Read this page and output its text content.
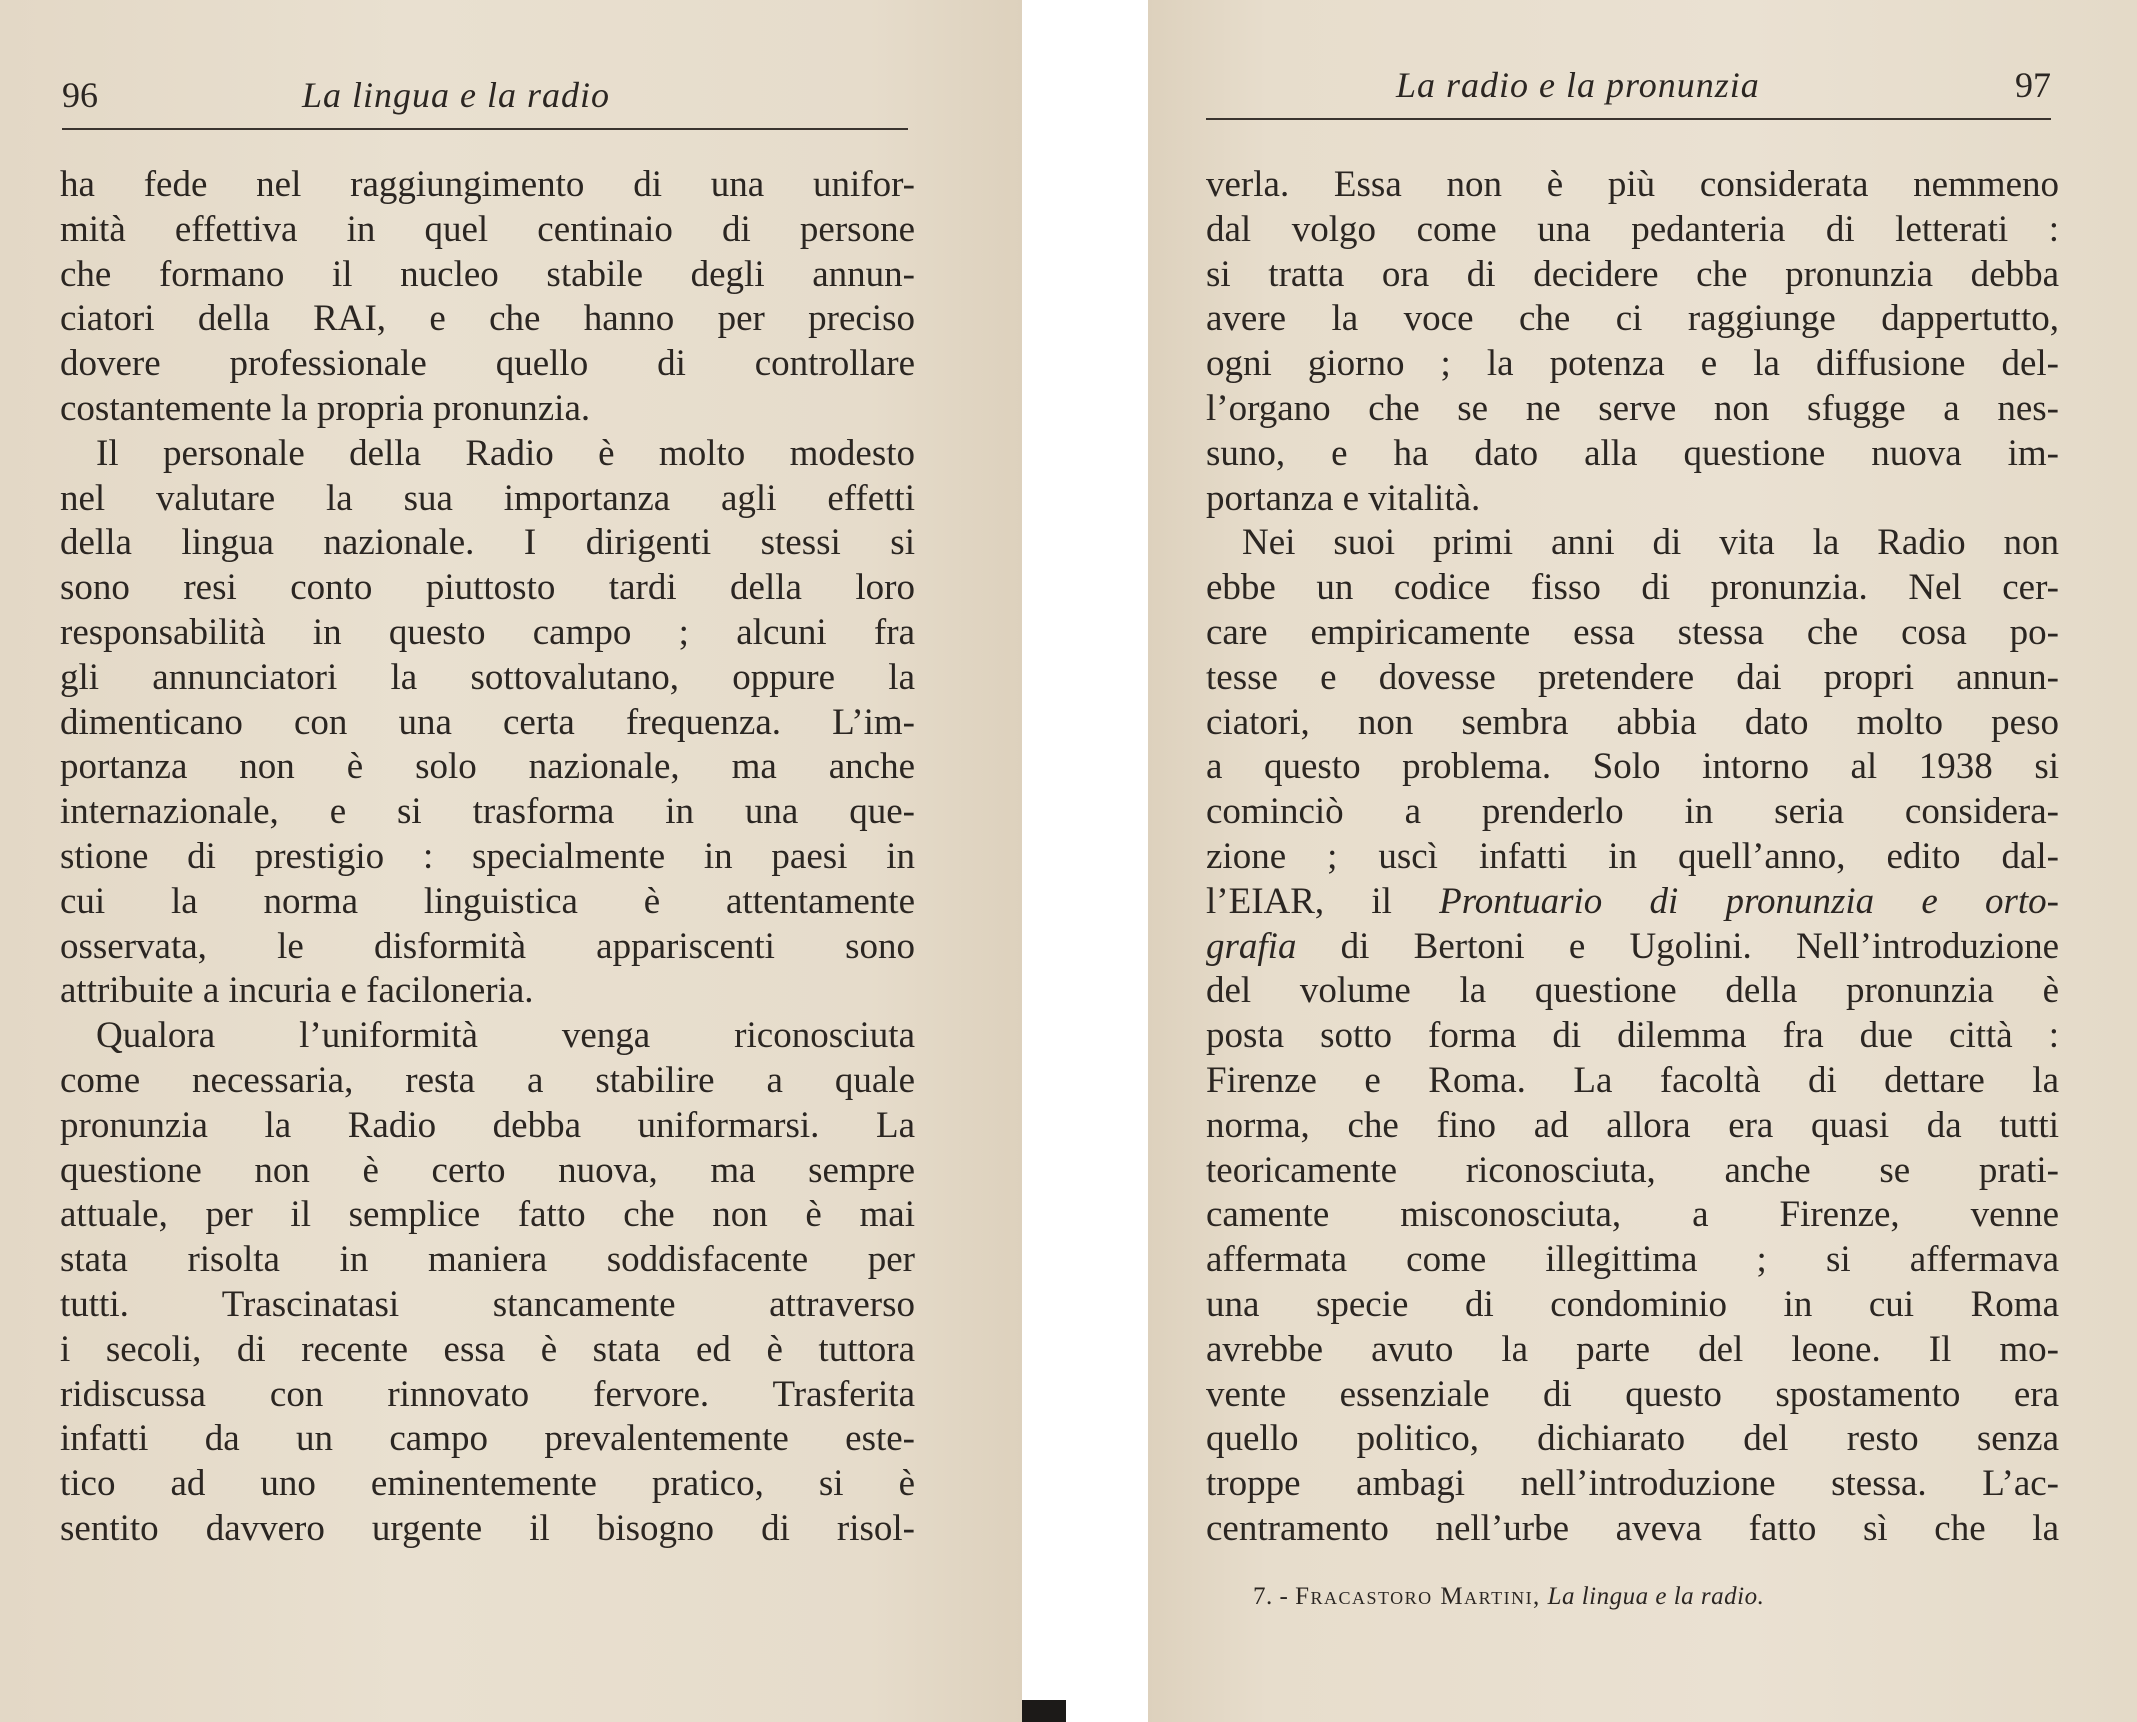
96	La lingua e la radio
ha fede nel raggiungimento di una unifor-
mità effettiva in quel centinaio di persone
che formano il nucleo stabile degli annun-
ciatori della RAI, e che hanno per preciso
dovere professionale quello di controllare
costantemente la propria pronunzia.
Il personale della Radio è molto modesto
nel valutare la sua importanza agli effetti
della lingua nazionale. I dirigenti stessi si
sono resi conto piuttosto tardi della loro
responsabilità in questo campo ; alcuni fra
gli annunciatori la sottovalutano, oppure la
dimenticano con una certa frequenza. L’im-
portanza non è solo nazionale, ma anche
internazionale, e si trasforma in una que-
stione di prestigio : specialmente in paesi in
cui la norma linguistica è attentamente
osservata, le disformità appariscenti sono
attribuite a incuria e faciloneria.
Qualora l’uniformità venga riconosciuta
come necessaria, resta a stabilire a quale
pronunzia la Radio debba uniformarsi. La
questione non è certo nuova, ma sempre
attuale, per il semplice fatto che non è mai
stata risolta in maniera soddisfacente per
tutti. Trascinatasi stancamente attraverso
i secoli, di recente essa è stata ed è tuttora
ridiscussa con rinnovato fervore. Trasferita
infatti da un campo prevalentemente este-
tico ad uno eminentemente pratico, si è
sentito davvero urgente il bisogno di risol-
La radio e la pronunzia	97
verla. Essa non è più considerata nemmeno
dal volgo come una pedanteria di letterati :
si tratta ora di decidere che pronunzia debba
avere la voce che ci raggiunge dappertutto,
ogni giorno ; la potenza e la diffusione del-
l’organo che se ne serve non sfugge a nes-
suno, e ha dato alla questione nuova im-
portanza e vitalità.
Nei suoi primi anni di vita la Radio non
ebbe un codice fisso di pronunzia. Nel cer-
care empiricamente essa stessa che cosa po-
tesse e dovesse pretendere dai propri annun-
ciatori, non sembra abbia dato molto peso
a questo problema. Solo intorno al 1938 si
cominciò a prenderlo in seria considera-
zione ; uscì infatti in quell’anno, edito dal-
l’EIAR, il Prontuario di pronunzia e orto-
grafia di Bertoni e Ugolini. Nell’introduzione
del volume la questione della pronunzia è
posta sotto forma di dilemma fra due città :
Firenze e Roma. La facoltà di dettare la
norma, che fino ad allora era quasi da tutti
teoricamente riconosciuta, anche se prati-
camente misconosciuta, a Firenze, venne
affermata come illegittima ; si affermava
una specie di condominio in cui Roma
avrebbe avuto la parte del leone. Il mo-
vente essenziale di questo spostamento era
quello politico, dichiarato del resto senza
troppe ambagi nell’introduzione stessa. L’ac-
centramento nell’urbe aveva fatto sì che la
7. - Fracastoro Martini, La lingua e la radio.
